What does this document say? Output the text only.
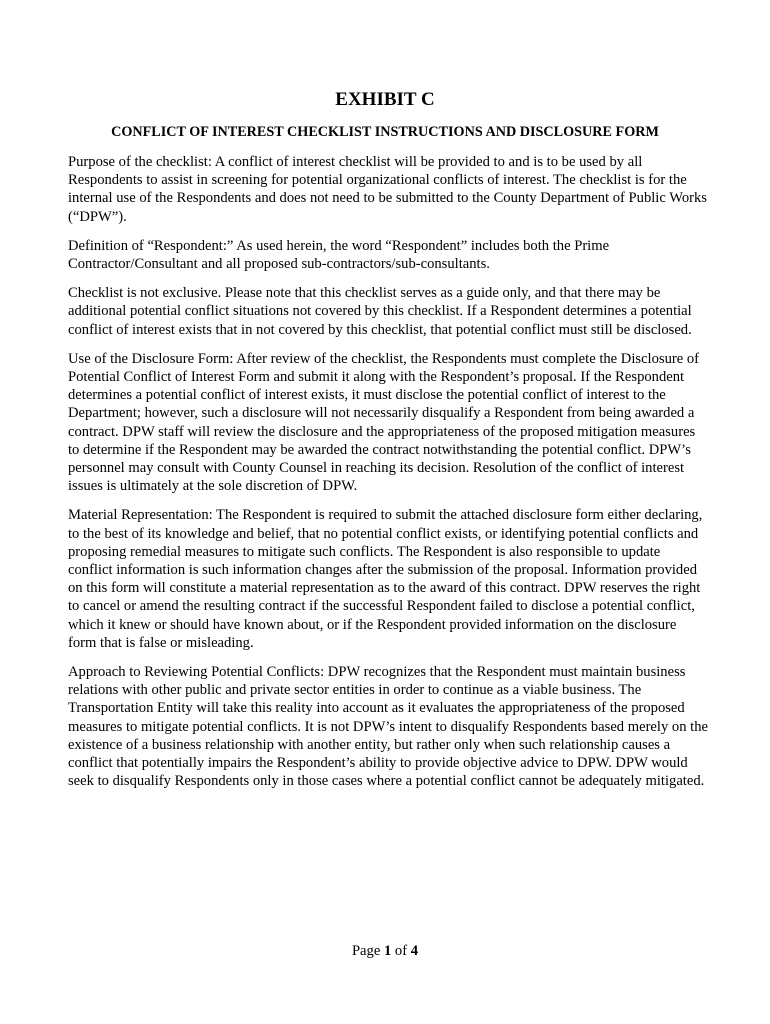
EXHIBIT C
CONFLICT OF INTEREST CHECKLIST INSTRUCTIONS AND DISCLOSURE FORM

Purpose of the checklist: A conflict of interest checklist will be provided to and is to be used by all Respondents to assist in screening for potential organizational conflicts of interest. The checklist is for the internal use of the Respondents and does not need to be submitted to the County Department of Public Works (“DPW”).

Definition of “Respondent:” As used herein, the word “Respondent” includes both the Prime Contractor/Consultant and all proposed sub-contractors/sub-consultants.

Checklist is not exclusive. Please note that this checklist serves as a guide only, and that there may be additional potential conflict situations not covered by this checklist. If a Respondent determines a potential conflict of interest exists that in not covered by this checklist, that potential conflict must still be disclosed.

Use of the Disclosure Form: After review of the checklist, the Respondents must complete the Disclosure of Potential Conflict of Interest Form and submit it along with the Respondent’s proposal. If the Respondent determines a potential conflict of interest exists, it must disclose the potential conflict of interest to the Department; however, such a disclosure will not necessarily disqualify a Respondent from being awarded a contract. DPW staff will review the disclosure and the appropriateness of the proposed mitigation measures to determine if the Respondent may be awarded the contract notwithstanding the potential conflict. DPW’s personnel may consult with County Counsel in reaching its decision. Resolution of the conflict of interest issues is ultimately at the sole discretion of DPW.

Material Representation: The Respondent is required to submit the attached disclosure form either declaring, to the best of its knowledge and belief, that no potential conflict exists, or identifying potential conflicts and proposing remedial measures to mitigate such conflicts. The Respondent is also responsible to update conflict information is such information changes after the submission of the proposal. Information provided on this form will constitute a material representation as to the award of this contract. DPW reserves the right to cancel or amend the resulting contract if the successful Respondent failed to disclose a potential conflict, which it knew or should have known about, or if the Respondent provided information on the disclosure form that is false or misleading.

Approach to Reviewing Potential Conflicts: DPW recognizes that the Respondent must maintain business relations with other public and private sector entities in order to continue as a viable business. The Transportation Entity will take this reality into account as it evaluates the appropriateness of the proposed measures to mitigate potential conflicts. It is not DPW’s intent to disqualify Respondents based merely on the existence of a business relationship with another entity, but rather only when such relationship causes a conflict that potentially impairs the Respondent’s ability to provide objective advice to DPW. DPW would seek to disqualify Respondents only in those cases where a potential conflict cannot be adequately mitigated.

Page 1 of 4
